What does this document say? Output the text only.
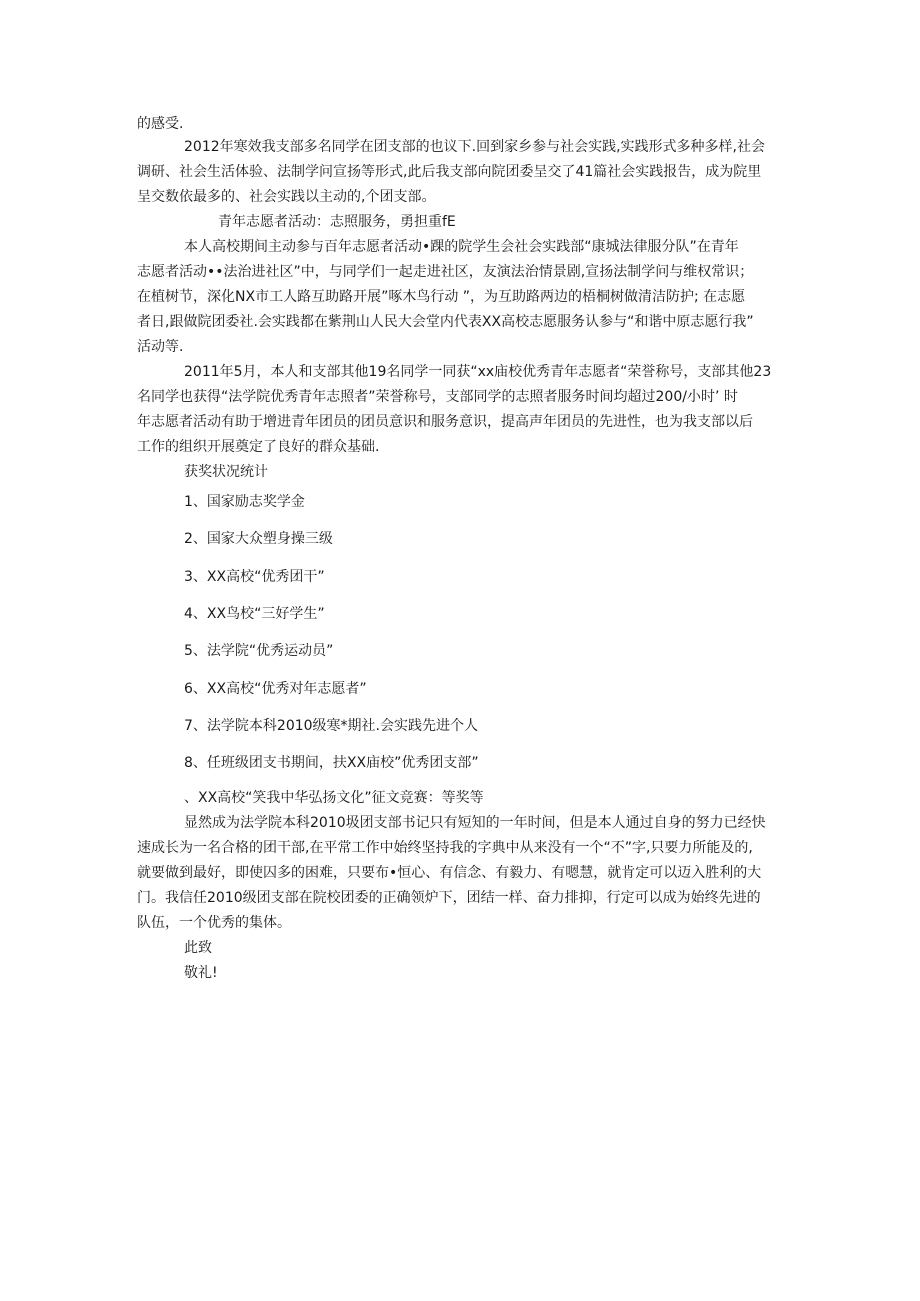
的感受.
2012年寒效我支部多名同学在团支部的也议下.回到家乡参与社会实践,实践形式多种多样,社会
调研、社会生活体验、法制学问宣扬等形式,此后我支部向院团委呈交了41篇社会实践报告，成为院里
呈交数依最多的、社会实践以主动的,个团支部。
青年志愿者活动：志照服务，勇担重fE
本人高校期间主动参与百年志愿者活动•踝的院学生会社会实践部“康城法律服分队”在青年
志愿者活动••法治进社区”中，与同学们一起走进社区，友演法治情景剧,宣扬法制学问与维权常识；
在植树节，深化NX市工人路互助路开展”啄木鸟行动 ”，为互助路两边的梧桐树做清洁防护; 在志愿
者日,跟做院团委社.会实践都在紫荆山人民大会堂内代表XX高校志愿服务认参与“和谐中原志愿行我”
活动等.
2011年5月，本人和支部其他19名同学一同获“xx庙校优秀青年志愿者“荣誉称号，支部其他23
名同学也获得“法学院优秀青年志照者”荣誉称号，支部同学的志照者服务时间均超过200/小时’ 时
年志愿者活动有助于增进青年团员的团员意识和服务意识，提高声年团员的先进性，也为我支部以后
工作的组织开展奠定了良好的群众基础.
获奖状况统计
1、国家励志奖学金
2、国家大众塑身操三级
3、XX高校“优秀团干”
4、XX鸟校“三好学生”
5、法学院“优秀运动员”
6、XX高校“优秀对年志愿者”
7、法学院本科2010级寒*期社.会实践先进个人
8、任班级团支书期间，扶XX庙校”优秀团支部”
、XX高校“笑我中华弘扬文化”征文竞赛：等奖等
显然成为法学院本科2010圾团支部书记只有短知的一年时间，但是本人通过自身的努力已经快
速成长为一名合格的团干部,在平常工作中始终坚持我的字典中从来没有一个“不”字,只要力所能及的,
就要做到最好，即使囚多的困难，只要布•恒心、有信念、有毅力、有嗯慧，就肯定可以迈入胜利的大
门。我信任2010级团支部在院校团委的正确领炉下，团结一样、奋力排抑，行定可以成为始终先进的
队伍，一个优秀的集体。
此致
敬礼!
